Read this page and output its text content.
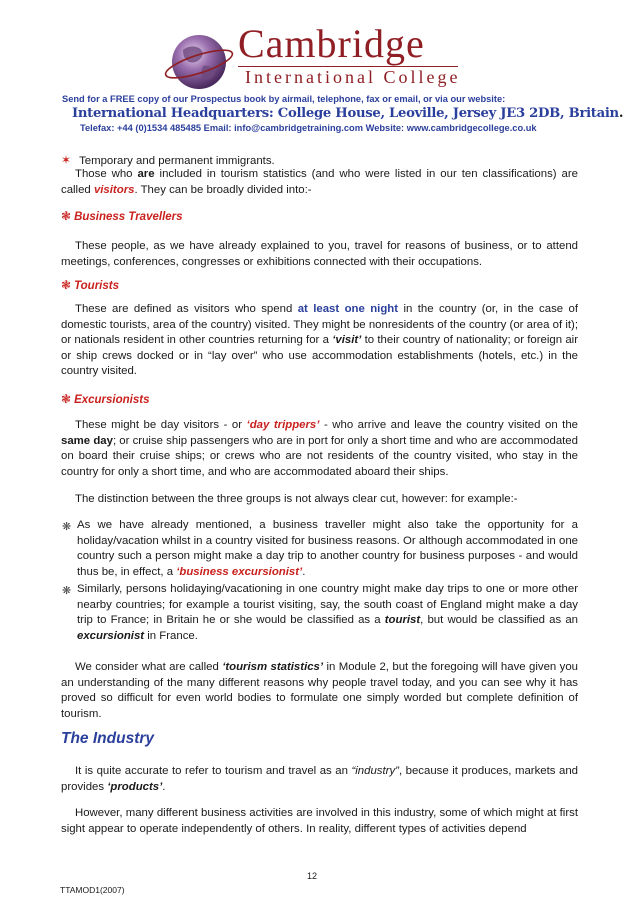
Cambridge
International College
Send for a FREE copy of our Prospectus book by airmail, telephone, fax or email, or via our website:
International Headquarters: College House, Leoville, Jersey JE3 2DB, Britain.
Telefax: +44 (0)1534 485485 Email: info@cambridgetraining.com Website: www.cambridgecollege.co.uk
✶ Temporary and permanent immigrants.

Those who are included in tourism statistics (and who were listed in our ten classifications) are called visitors. They can be broadly divided into:-

❃ Business Travellers

These people, as we have already explained to you, travel for reasons of business, or to attend meetings, conferences, congresses or exhibitions connected with their occupations.

❃ Tourists

These are defined as visitors who spend at least one night in the country (or, in the case of domestic tourists, area of the country) visited. They might be nonresidents of the country (or area of it); or nationals resident in other countries returning for a ‘visit’ to their country of nationality; or foreign air or ship crews docked or in “lay over” who use accommodation establishments (hotels, etc.) in the country visited.

❃ Excursionists

These might be day visitors - or ‘day trippers’ - who arrive and leave the country visited on the same day; or cruise ship passengers who are in port for only a short time and who are accommodated on board their cruise ships; or crews who are not residents of the country visited, who stay in the country for only a short time, and who are accommodated aboard their ships.

The distinction between the three groups is not always clear cut, however: for example:-

❋ As we have already mentioned, a business traveller might also take the opportunity for a holiday/vacation whilst in a country visited for business reasons. Or although accommodated in one country such a person might make a day trip to another country for business purposes - and would thus be, in effect, a ‘business excursionist’.

❋ Similarly, persons holidaying/vacationing in one country might make day trips to one or more other nearby countries; for example a tourist visiting, say, the south coast of England might make a day trip to France; in Britain he or she would be classified as a tourist, but would be classified as an excursionist in France.

We consider what are called ‘tourism statistics’ in Module 2, but the foregoing will have given you an understanding of the many different reasons why people travel today, and you can see why it has proved so difficult for even world bodies to formulate one simply worded but complete definition of tourism.

The Industry

It is quite accurate to refer to tourism and travel as an “industry”, because it produces, markets and provides ‘products’.

However, many different business activities are involved in this industry, some of which might at first sight appear to operate independently of others. In reality, different types of activities depend

12
TTAMOD1(2007)
